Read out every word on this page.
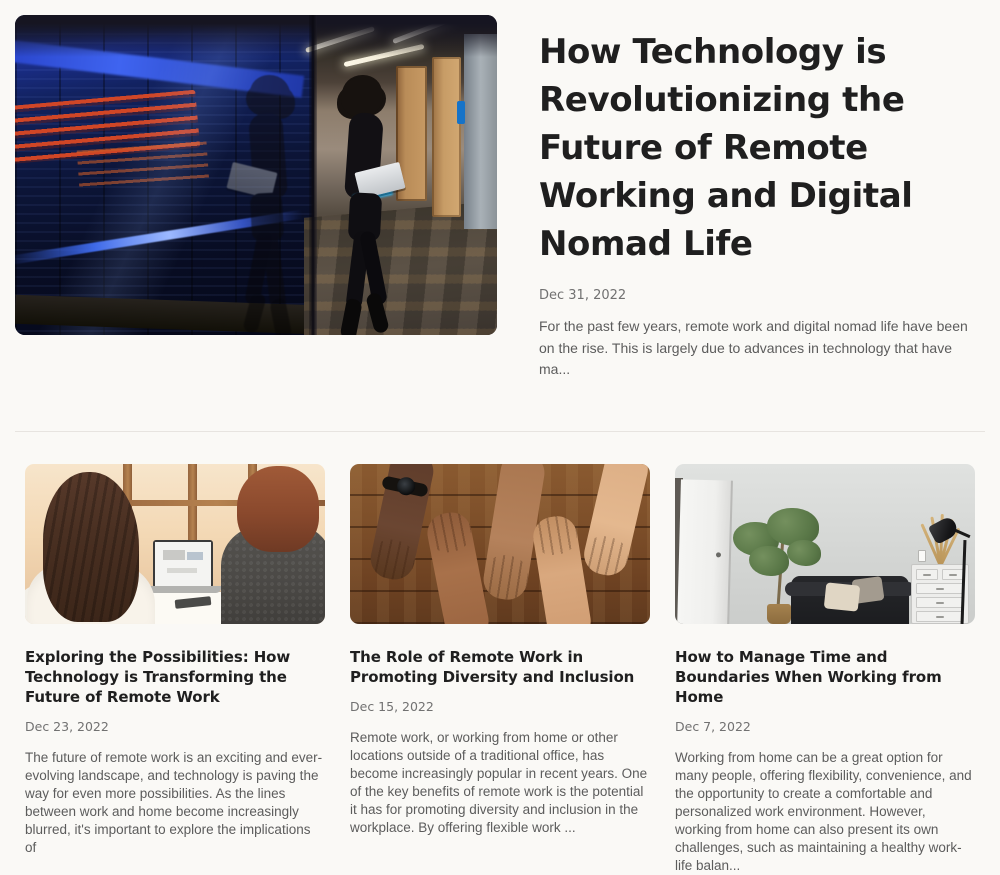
How Technology is Revolutionizing the Future of Remote Working and Digital Nomad Life
Dec 31, 2022

For the past few years, remote work and digital nomad life have been on the rise. This is largely due to advances in technology that have ma...

Exploring the Possibilities: How Technology is Transforming the Future of Remote Work
Dec 23, 2022

The future of remote work is an exciting and ever-evolving landscape, and technology is paving the way for even more possibilities. As the lines between work and home become increasingly blurred, it's important to explore the implications of

The Role of Remote Work in Promoting Diversity and Inclusion
Dec 15, 2022

Remote work, or working from home or other locations outside of a traditional office, has become increasingly popular in recent years. One of the key benefits of remote work is the potential it has for promoting diversity and inclusion in the workplace. By offering flexible work ...

How to Manage Time and Boundaries When Working from Home
Dec 7, 2022

Working from home can be a great option for many people, offering flexibility, convenience, and the opportunity to create a comfortable and personalized work environment. However, working from home can also present its own challenges, such as maintaining a healthy work-life balan...
